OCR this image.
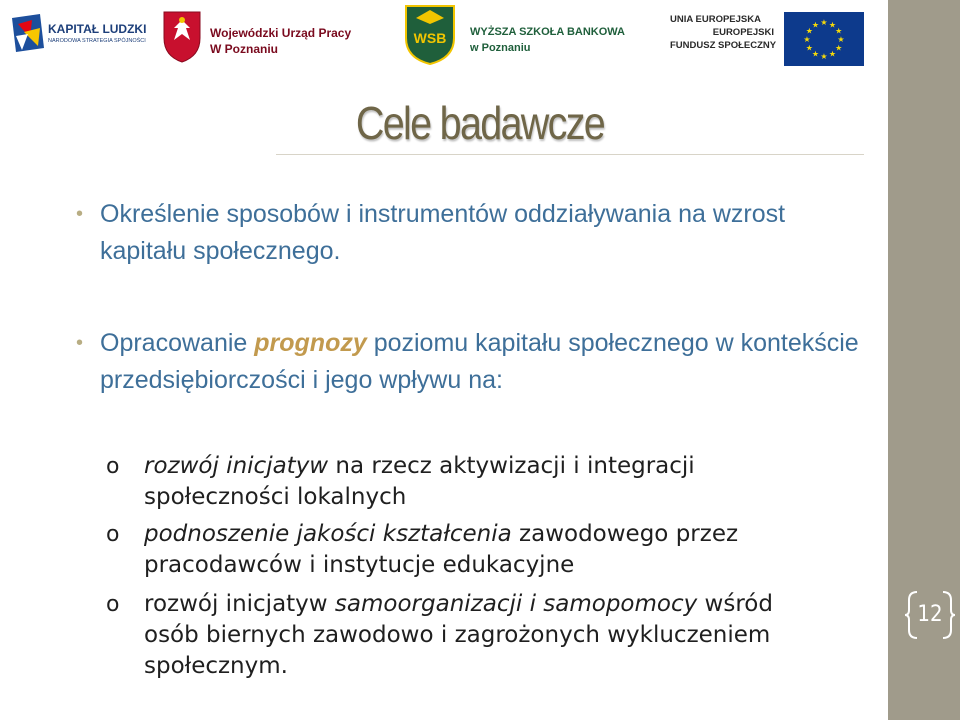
KAPITAŁ LUDZKI
NARODOWA STRATEGIA SPÓJNOŚCI
Wojewódzki Urząd Pracy
W Poznaniu
WSB	WYŻSZA SZKOŁA BANKOWA
w Poznaniu
UNIA EUROPEJSKA
EUROPEJSKI
FUNDUSZ SPOŁECZNY
★ ★
★
★
★
★
★
★
★
★
★
★
Cele badawcze
• Określenie sposobów i instrumentów oddziaływania na wzrost kapitału społecznego.
• Opracowanie prognozy poziomu kapitału społecznego w kontekście przedsiębiorczości i jego wpływu na:
o rozwój inicjatyw na rzecz aktywizacji i integracji społeczności lokalnych
o podnoszenie jakości kształcenia zawodowego przez pracodawców i instytucje edukacyjne
o rozwój inicjatyw samoorganizacji i samopomocy wśród osób biernych zawodowo i zagrożonych wykluczeniem społecznym.
12
